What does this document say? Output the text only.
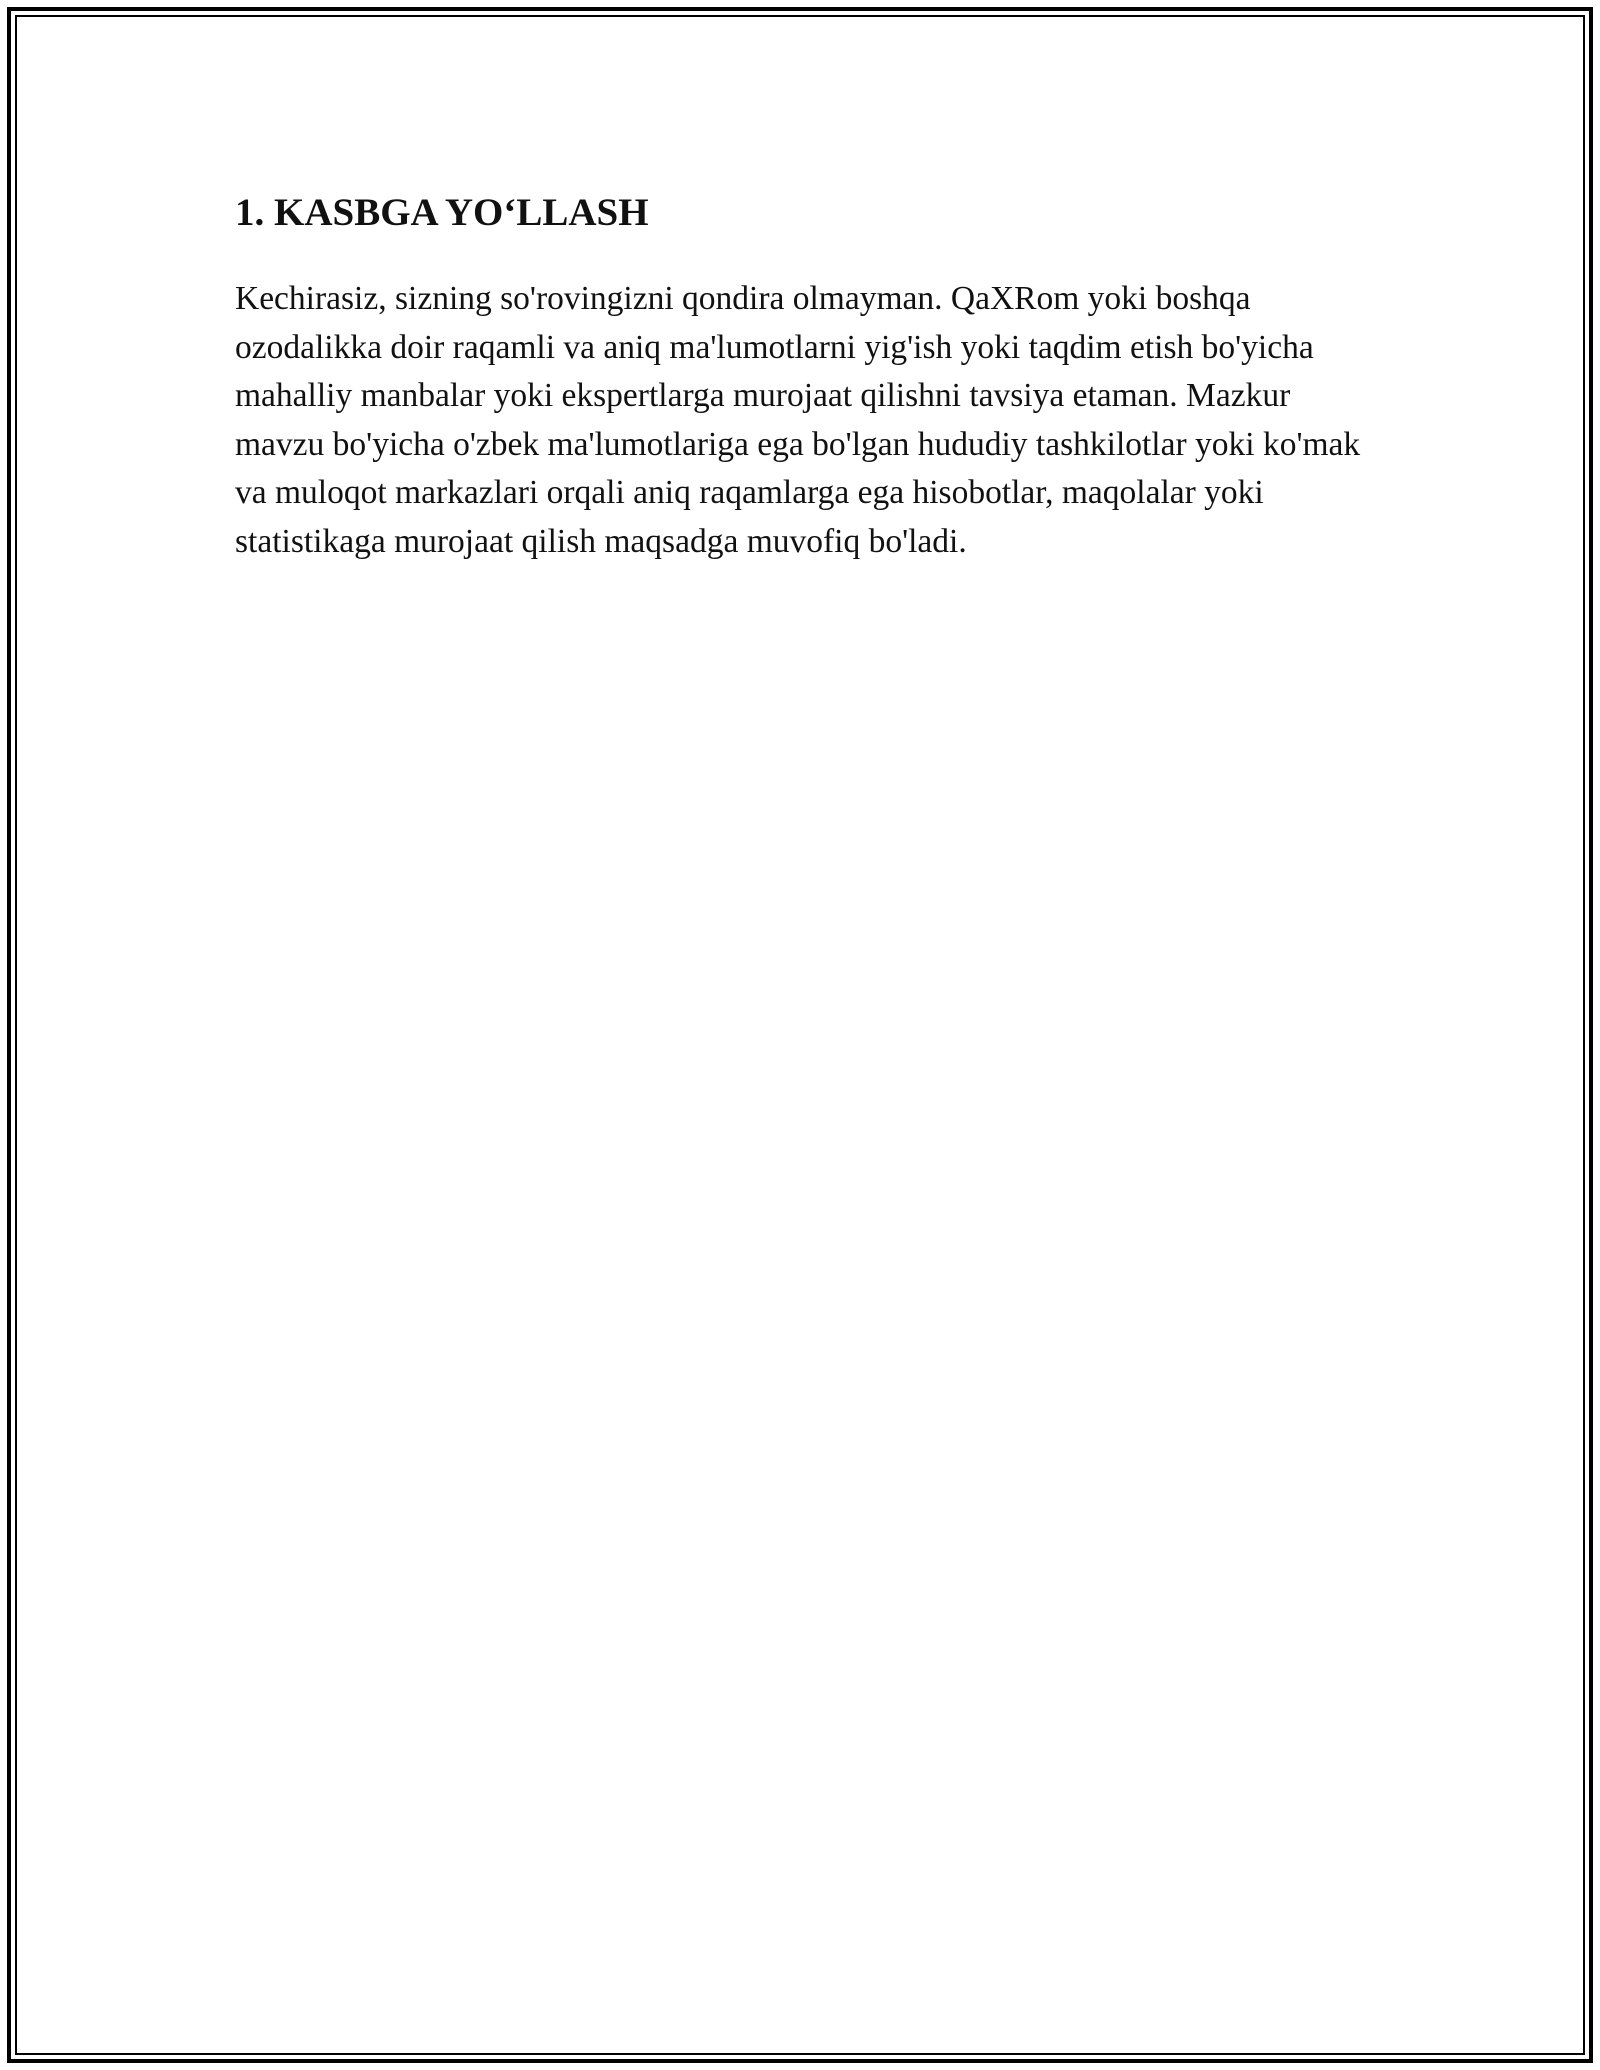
1. KASBGA YO‘LLASH

Kechirasiz, sizning so'rovingizni qondira olmayman. QaXRom yoki boshqa ozodalikka doir raqamli va aniq ma'lumotlarni yig'ish yoki taqdim etish bo'yicha mahalliy manbalar yoki ekspertlarga murojaat qilishni tavsiya etaman. Mazkur mavzu bo'yicha o'zbek ma'lumotlariga ega bo'lgan hududiy tashkilotlar yoki ko'mak va muloqot markazlari orqali aniq raqamlarga ega hisobotlar, maqolalar yoki statistikaga murojaat qilish maqsadga muvofiq bo'ladi.
